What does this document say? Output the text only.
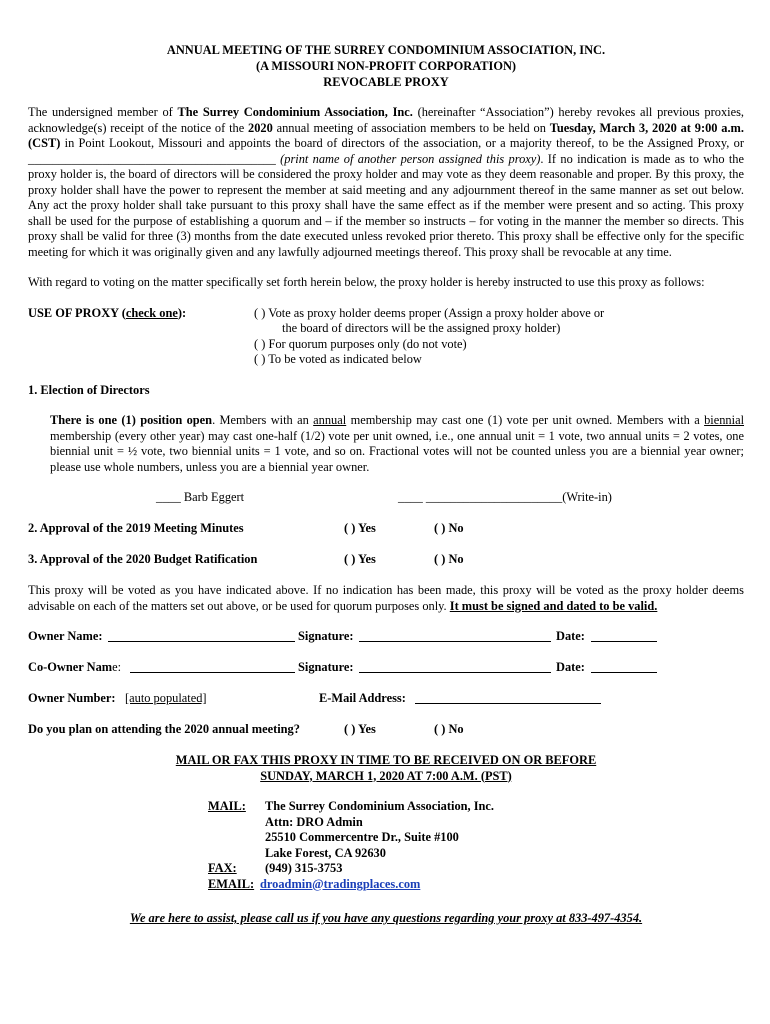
ANNUAL MEETING OF THE SURREY CONDOMINIUM ASSOCIATION, INC.
(A MISSOURI NON-PROFIT CORPORATION)
REVOCABLE PROXY

The undersigned member of The Surrey Condominium Association, Inc. (hereinafter “Association”) hereby revokes all previous proxies, acknowledge(s) receipt of the notice of the 2020 annual meeting of association members to be held on Tuesday, March 3, 2020 at 9:00 a.m. (CST) in Point Lookout, Missouri and appoints the board of directors of the association, or a majority thereof, to be the Assigned Proxy, or ________________________________________ (print name of another person assigned this proxy). If no indication is made as to who the proxy holder is, the board of directors will be considered the proxy holder and may vote as they deem reasonable and proper. By this proxy, the proxy holder shall have the power to represent the member at said meeting and any adjournment thereof in the same manner as set out below. Any act the proxy holder shall take pursuant to this proxy shall have the same effect as if the member were present and so acting. This proxy shall be used for the purpose of establishing a quorum and – if the member so instructs – for voting in the manner the member so directs. This proxy shall be valid for three (3) months from the date executed unless revoked prior thereto. This proxy shall be effective only for the specific meeting for which it was originally given and any lawfully adjourned meetings thereof. This proxy shall be revocable at any time.

With regard to voting on the matter specifically set forth herein below, the proxy holder is hereby instructed to use this proxy as follows:

USE OF PROXY (check one):	( ) Vote as proxy holder deems proper (Assign a proxy holder above or
the board of directors will be the assigned proxy holder)
( ) For quorum purposes only (do not vote)
( ) To be voted as indicated below
1. Election of Directors

There is one (1) position open. Members with an annual membership may cast one (1) vote per unit owned. Members with a biennial membership (every other year) may cast one-half (1/2) vote per unit owned, i.e., one annual unit = 1 vote, two annual units = 2 votes, one biennial unit = ½ vote, two biennial units = 1 vote, and so on. Fractional votes will not be counted unless you are a biennial year owner; please use whole numbers, unless you are a biennial year owner.

____ Barb Eggert	____ ______________________(Write-in)
2. Approval of the 2019 Meeting Minutes	( ) Yes	( ) No
3. Approval of the 2020 Budget Ratification	( ) Yes	( ) No

This proxy will be voted as you have indicated above. If no indication has been made, this proxy will be voted as the proxy holder deems advisable on each of the matters set out above, or be used for quorum purposes only. It must be signed and dated to be valid.

Owner Name:	Signature:	Date:
Co-Owner Name:	Signature:	Date:
Owner Number: [auto populated]	E-Mail Address:
Do you plan on attending the 2020 annual meeting?	( ) Yes	( ) No
MAIL OR FAX THIS PROXY IN TIME TO BE RECEIVED ON OR BEFORE
SUNDAY, MARCH 1, 2020 AT 7:00 A.M. (PST)
MAIL: The Surrey Condominium Association, Inc.
Attn: DRO Admin
25510 Commercentre Dr., Suite #100
Lake Forest, CA 92630
FAX: (949) 315-3753
EMAIL: droadmin@tradingplaces.com
We are here to assist, please call us if you have any questions regarding your proxy at 833-497-4354.
